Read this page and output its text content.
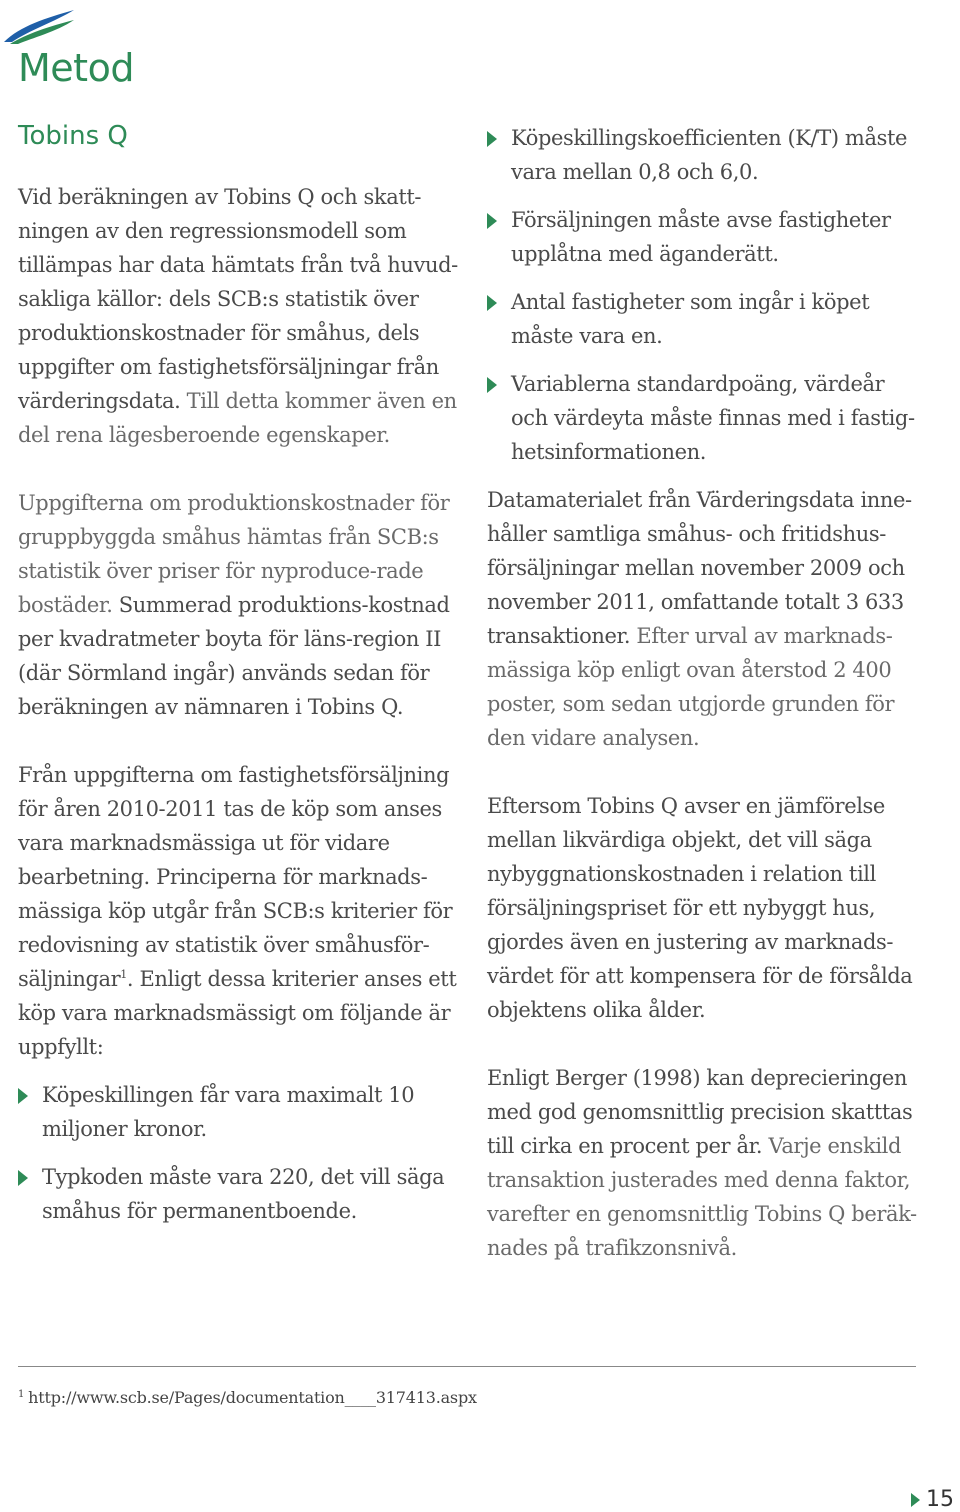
Metod
Tobins Q

Vid beräkningen av Tobins Q och skatt-ningen av den regressionsmodell som tillämpas har data hämtats från två huvud-sakliga källor: dels SCB:s statistik över produktionskostnader för småhus, dels uppgifter om fastighetsförsäljningar från värderingsdata. Till detta kommer även en del rena lägesberoende egenskaper.

Uppgifterna om produktionskostnader för gruppbyggda småhus hämtas från SCB:s statistik över priser för nyproduce-rade bostäder. Summerad produktions-kostnad per kvadratmeter boyta för läns-region II (där Sörmland ingår) används sedan för beräkningen av nämnaren i Tobins Q.

Från uppgifterna om fastighetsförsäljning för åren 2010-2011 tas de köp som anses vara marknadsmässiga ut för vidare bearbetning. Principerna för marknads-mässiga köp utgår från SCB:s kriterier för redovisning av statistik över småhusför-säljningar$^1$. Enligt dessa kriterier anses ett köp vara marknadsmässigt om följande är uppfyllt:

Köpeskillingen får vara maximalt 10 miljoner kronor.
Typkoden måste vara 220, det vill säga småhus för permanentboende.
Köpeskillingskoefficienten (K/T) måste vara mellan 0,8 och 6,0.
Försäljningen måste avse fastigheter upplåtna med äganderätt.
Antal fastigheter som ingår i köpet måste vara en.
Variablerna standardpoäng, värdeår och värdeyta måste finnas med i fastig-hetsinformationen.

Datamaterialet från Värderingsdata inne-håller samtliga småhus- och fritidshus-försäljningar mellan november 2009 och november 2011, omfattande totalt 3 633 transaktioner. Efter urval av marknads-mässiga köp enligt ovan återstod 2 400 poster, som sedan utgjorde grunden för den vidare analysen.

Eftersom Tobins Q avser en jämförelse mellan likvärdiga objekt, det vill säga nybyggnationskostnaden i relation till försäljningspriset för ett nybyggt hus, gjordes även en justering av marknads-värdet för att kompensera för de försålda objektens olika ålder.

Enligt Berger (1998) kan deprecieringen med god genomsnittlig precision skatttas till cirka en procent per år. Varje enskild transaktion justerades med denna faktor, varefter en genomsnittlig Tobins Q beräk-nades på trafikzonsnivå.

$^1$ http://www.scb.se/Pages/documentation____317413.aspx
15
